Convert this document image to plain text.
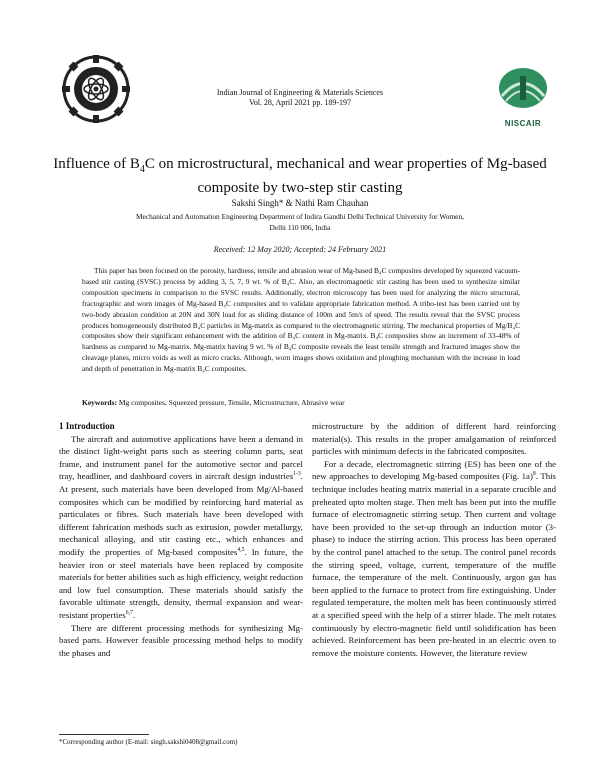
NISCAIR
Indian Journal of Engineering & Materials Sciences
Vol. 28, April 2021 pp. 189-197
Influence of $B_4C$ on microstructural, mechanical and wear properties of Mg-based composite by two-step stir casting
Sakshi Singh* & Nathi Ram Chauhan
Mechanical and Automation Engineering Department of Indira Gandhi Delhi Technical University for Women,
Delhi 110 006, India
Received: 12 May 2020; Accepted: 24 February 2021

This paper has been focused on the porosity, hardness, tensile and abrasion wear of Mg-based B₄C composites developed by squeezed vacuum-based stir casting (SVSC) process by adding 3, 5, 7, 9 wt. % of B₄C. Also, an electromagnetic stir casting has been used to synthesize similar composition specimens in comparison to the SVSC results. Additionally, electron microscopy has been used for analyzing the micro structural, fractographic and worn images of Mg-based B₄C composites and to validate appropriate fabrication method. A tribo-test has been carried out by two-body abrasion condition at 20N and 30N load for as sliding distance of 100m and 5m/s of speed. The results reveal that the SVSC process produces homogeneously distributed B₄C particles in Mg-matrix as compared to the electromagnetic stirring. The mechanical properties of Mg/B₄C composites show their significant enhancement with the addition of B₄C content in Mg-matrix. B₄C composites show an increment of 33-48% of hardness as compared to Mg-matrix. Mg-matrix having 9 wt. % of B₄C composite reveals the least tensile strength and fractured images show the cleavage planes, micro voids as well as micro cracks. Although, worn images shows oxidation and ploughing mechanism with the increase in load and depth of penetration in Mg-matrix B₄C composites.

Keywords: Mg composites, Squeezed pressure, Tensile, Microstructure, Abrasive wear
1 Introduction

The aircraft and automotive applications have been a demand in the distinct light-weight parts such as steering column parts, seat frame, and instrument panel for the automotive sector and parcel tray, headliner, and dashboard covers in aircraft design industries$^{1-3}$. At present, such materials have been developed from Mg/Al-based composites which can be modified by reinforcing hard material as particulates or fibres. Such materials have been developed with different fabrication methods such as extrusion, powder metallurgy, mechanical alloying, and stir casting etc., which enhances and modify the properties of Mg-based composites$^{4,5}$. In future, the heavier iron or steel materials have been replaced by composite materials for better abilities such as high efficiency, weight reduction and low fuel consumption. These materials should satisfy the favorable ultimate strength, density, thermal expansion and wear-resistant properties$^{6,7}$.

There are different processing methods for synthesizing Mg-based parts. However feasible processing method helps to modify the phases and

microstructure by the addition of different hard reinforcing material(s). This results in the proper amalgamation of reinforced particles with minimum defects in the fabricated composites.

For a decade, electromagnetic stirring (ES) has been one of the new approaches to developing Mg-based composites (Fig. 1a)$^8$. This technique includes heating matrix material in a separate crucible and preheated upto molten stage. Then melt has been put into the muffle furnace of electromagnetic stirring setup. Then current and voltage have been provided to the set-up through an induction motor (3-phase) to induce the stirring action. This process has been operated by the control panel attached to the setup. The control panel records the stirring speed, voltage, current, temperature of the muffle furnace, the temperature of the melt. Continuously, argon gas has been applied to the furnace to protect from fire extinguishing. Under regulated temperature, the molten melt has been continuously stirred at a specified speed with the help of a stirrer blade. The melt rotates continuously by electro-magnetic field until solidification has been achieved. Reinforcement has been pre-heated in an electric oven to remove the moisture contents. However, the literature review

*Corresponding author (E-mail: singh.sakshi0408@gmail.com)
